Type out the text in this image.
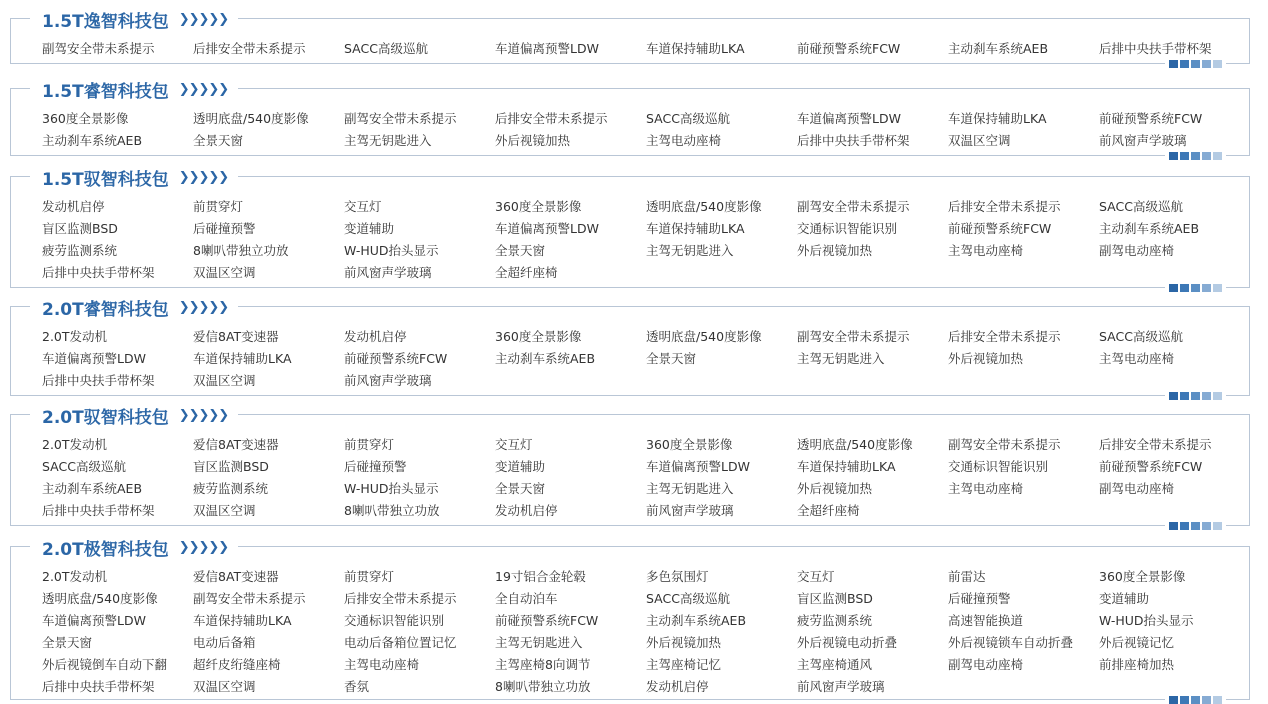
1.5T逸智科技包 ❯❯❯❯❯
副驾安全带未系提示	后排安全带未系提示	SACC高级巡航	车道偏离预警LDW	车道保持辅助LKA	前碰预警系统FCW	主动刹车系统AEB	后排中央扶手带杯架
1.5T睿智科技包 ❯❯❯❯❯
360度全景影像	透明底盘/540度影像	副驾安全带未系提示	后排安全带未系提示	SACC高级巡航	车道偏离预警LDW	车道保持辅助LKA	前碰预警系统FCW
主动刹车系统AEB	全景天窗	主驾无钥匙进入	外后视镜加热	主驾电动座椅	后排中央扶手带杯架	双温区空调	前风窗声学玻璃
1.5T驭智科技包 ❯❯❯❯❯
发动机启停	前贯穿灯	交互灯	360度全景影像	透明底盘/540度影像	副驾安全带未系提示	后排安全带未系提示	SACC高级巡航
盲区监测BSD	后碰撞预警	变道辅助	车道偏离预警LDW	车道保持辅助LKA	交通标识智能识别	前碰预警系统FCW	主动刹车系统AEB
疲劳监测系统	8喇叭带独立功放	W-HUD抬头显示	全景天窗	主驾无钥匙进入	外后视镜加热	主驾电动座椅	副驾电动座椅
后排中央扶手带杯架	双温区空调	前风窗声学玻璃	全超纤座椅
2.0T睿智科技包 ❯❯❯❯❯
2.0T发动机	爱信8AT变速器	发动机启停	360度全景影像	透明底盘/540度影像	副驾安全带未系提示	后排安全带未系提示	SACC高级巡航
车道偏离预警LDW	车道保持辅助LKA	前碰预警系统FCW	主动刹车系统AEB	全景天窗	主驾无钥匙进入	外后视镜加热	主驾电动座椅
后排中央扶手带杯架	双温区空调	前风窗声学玻璃
2.0T驭智科技包 ❯❯❯❯❯
2.0T发动机	爱信8AT变速器	前贯穿灯	交互灯	360度全景影像	透明底盘/540度影像	副驾安全带未系提示	后排安全带未系提示
SACC高级巡航	盲区监测BSD	后碰撞预警	变道辅助	车道偏离预警LDW	车道保持辅助LKA	交通标识智能识别	前碰预警系统FCW
主动刹车系统AEB	疲劳监测系统	W-HUD抬头显示	全景天窗	主驾无钥匙进入	外后视镜加热	主驾电动座椅	副驾电动座椅
后排中央扶手带杯架	双温区空调	8喇叭带独立功放	发动机启停	前风窗声学玻璃	全超纤座椅
2.0T极智科技包 ❯❯❯❯❯
2.0T发动机	爱信8AT变速器	前贯穿灯	19寸铝合金轮毂	多色氛围灯	交互灯	前雷达	360度全景影像
透明底盘/540度影像	副驾安全带未系提示	后排安全带未系提示	全自动泊车	SACC高级巡航	盲区监测BSD	后碰撞预警	变道辅助
车道偏离预警LDW	车道保持辅助LKA	交通标识智能识别	前碰预警系统FCW	主动刹车系统AEB	疲劳监测系统	高速智能换道	W-HUD抬头显示
全景天窗	电动后备箱	电动后备箱位置记忆	主驾无钥匙进入	外后视镜加热	外后视镜电动折叠	外后视镜锁车自动折叠	外后视镜记忆
外后视镜倒车自动下翻	超纤皮绗缝座椅	主驾电动座椅	主驾座椅8向调节	主驾座椅记忆	主驾座椅通风	副驾电动座椅	前排座椅加热
后排中央扶手带杯架	双温区空调	香氛	8喇叭带独立功放	发动机启停	前风窗声学玻璃
